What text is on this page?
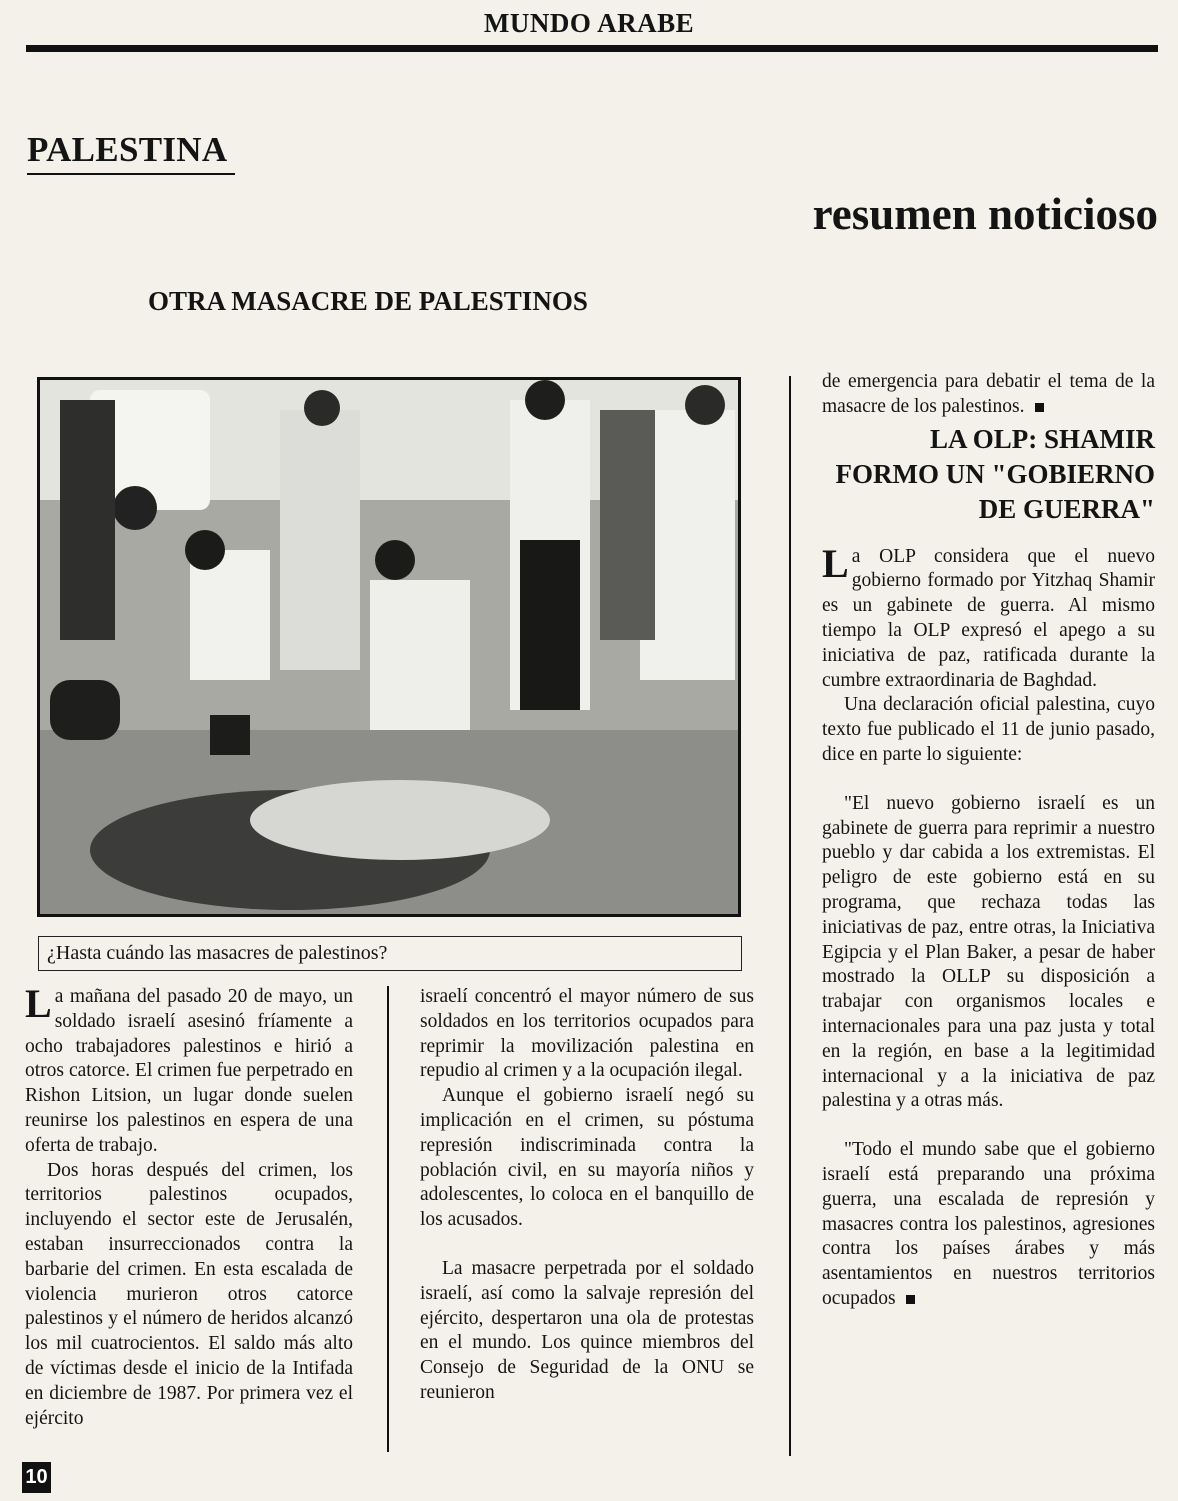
MUNDO ARABE
PALESTINA
resumen noticioso
OTRA MASACRE DE PALESTINOS
¿Hasta cuándo las masacres de palestinos?

La mañana del pasado 20 de mayo, un soldado israelí asesinó fríamente a ocho trabajadores palestinos e hirió a otros catorce. El crimen fue perpetrado en Rishon Litsion, un lugar donde suelen reunirse los palestinos en espera de una oferta de trabajo.

Dos horas después del crimen, los territorios palestinos ocupados, incluyendo el sector este de Jerusalén, estaban insurreccionados contra la barbarie del crimen. En esta escalada de violencia murieron otros catorce palestinos y el número de heridos alcanzó los mil cuatrocientos. El saldo más alto de víctimas desde el inicio de la Intifada en diciembre de 1987. Por primera vez el ejército

israelí concentró el mayor número de sus soldados en los territorios ocupados para reprimir la movilización palestina en repudio al crimen y a la ocupación ilegal.

Aunque el gobierno israelí negó su implicación en el crimen, su póstuma represión indiscriminada contra la población civil, en su mayoría niños y adolescentes, lo coloca en el banquillo de los acusados.

La masacre perpetrada por el soldado israelí, así como la salvaje represión del ejército, despertaron una ola de protestas en el mundo. Los quince miembros del Consejo de Seguridad de la ONU se reunieron

de emergencia para debatir el tema de la masacre de los palestinos.

LA OLP: SHAMIR FORMO UN "GOBIERNO DE GUERRA"

La OLP considera que el nuevo gobierno formado por Yitzhaq Shamir es un gabinete de guerra. Al mismo tiempo la OLP expresó el apego a su iniciativa de paz, ratificada durante la cumbre extraordinaria de Baghdad.

Una declaración oficial palestina, cuyo texto fue publicado el 11 de junio pasado, dice en parte lo siguiente:

"El nuevo gobierno israelí es un gabinete de guerra para reprimir a nuestro pueblo y dar cabida a los extremistas. El peligro de este gobierno está en su programa, que rechaza todas las iniciativas de paz, entre otras, la Iniciativa Egipcia y el Plan Baker, a pesar de haber mostrado la OLLP su disposición a trabajar con organismos locales e internacionales para una paz justa y total en la región, en base a la legitimidad internacional y a la iniciativa de paz palestina y a otras más.

"Todo el mundo sabe que el gobierno israelí está preparando una próxima guerra, una escalada de represión y masacres contra los palestinos, agresiones contra los países árabes y más asentamientos en nuestros territorios ocupados

10
